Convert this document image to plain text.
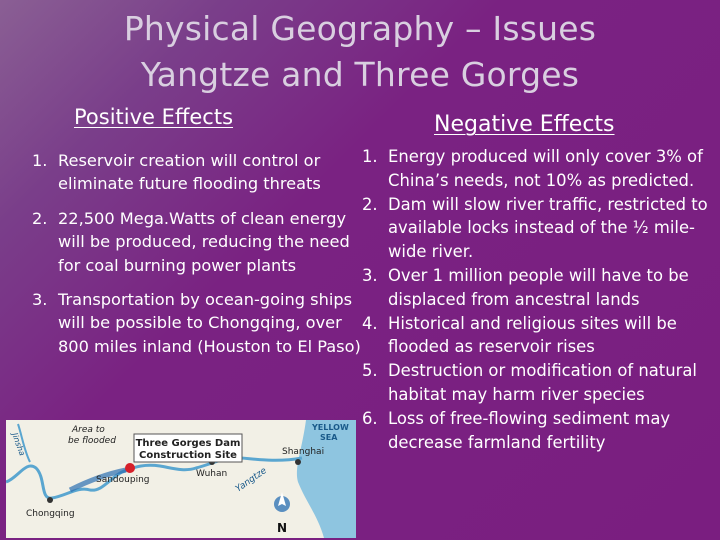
Physical Geography – Issues
Yangtze and Three Gorges
Positive Effects	Negative Effects
1. Reservoir creation will control or eliminate future flooding threats
2. 22,500 Mega.Watts of clean energy will be produced, reducing the need for coal burning power plants
3. Transportation by ocean-going ships will be possible to Chongqing, over 800 miles inland (Houston to El Paso)
1. Energy produced will only cover 3% of China’s needs, not 10% as predicted.
2. Dam will slow river traffic, restricted to available locks instead of the ½ mile-wide river.
3. Over 1 million people will have to be displaced from ancestral lands
4. Historical and religious sites will be flooded as reservoir rises
5. Destruction or modification of natural habitat may harm river species
6. Loss of free-flowing sediment may decrease farmland fertility
Three Gorges Dam
Construction Site
Area to
be flooded
Wuhan
Shanghai
Sandouping
Chongqing
Yangtze
Jinsha
YELLOW
SEA
N
